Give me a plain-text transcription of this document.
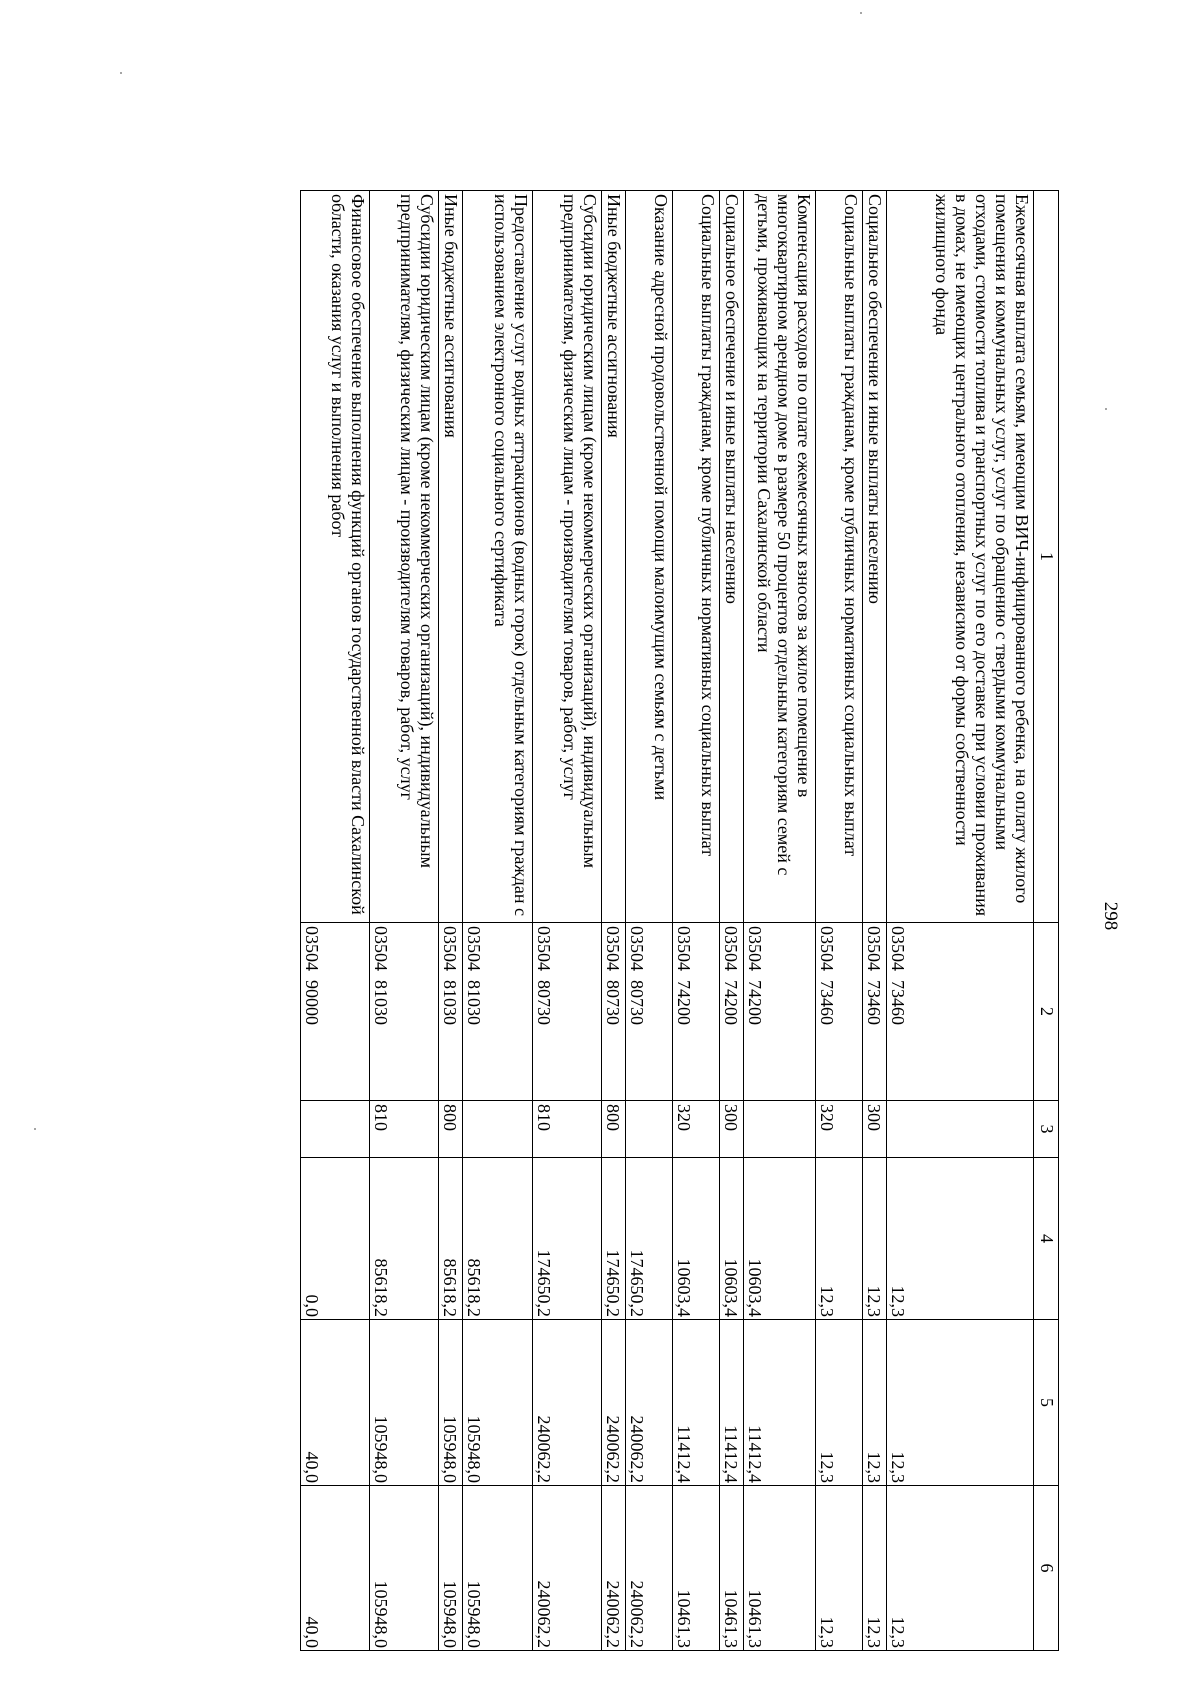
298
1	2	3	4	5	6
Ежемесячная выплата семьям, имеющим ВИЧ-инфицированного ребенка, на оплату жилого помещения и коммунальных услуг, услуг по обращению с твердыми коммунальными отходами, стоимости топлива и транспортных услуг по его доставке при условии проживания в домах, не имеющих центрального отопления, независимо от формы собственности жилищного фонда	03504  73460		12,3	12,3	12,3
Социальное обеспечение и иные выплаты населению	03504  73460	300	12,3	12,3	12,3
Социальные выплаты гражданам, кроме публичных нормативных социальных выплат	03504  73460	320	12,3	12,3	12,3
Компенсация расходов по оплате ежемесячных взносов за жилое помещение в многоквартирном арендном доме в размере 50 процентов отдельным категориям семей с детьми, проживающих на территории Сахалинской области	03504  74200		10603,4	11412,4	10461,3
Социальное обеспечение и иные выплаты населению	03504  74200	300	10603,4	11412,4	10461,3
Социальные выплаты гражданам, кроме публичных нормативных социальных выплат	03504  74200	320	10603,4	11412,4	10461,3
Оказание адресной продовольственной помощи малоимущим семьям с детьми	03504  80730		174650,2	240062,2	240062,2
Иные бюджетные ассигнования	03504  80730	800	174650,2	240062,2	240062,2
Субсидии юридическим лицам (кроме некоммерческих организаций), индивидуальным предпринимателям, физическим лицам - производителям товаров, работ, услуг	03504  80730	810	174650,2	240062,2	240062,2
Предоставление услуг водных аттракционов (водных горок) отдельным категориям граждан с использованием электронного социального сертификата	03504  81030		85618,2	105948,0	105948,0
Иные бюджетные ассигнования	03504  81030	800	85618,2	105948,0	105948,0
Субсидии юридическим лицам (кроме некоммерческих организаций), индивидуальным предпринимателям, физическим лицам - производителям товаров, работ, услуг	03504  81030	810	85618,2	105948,0	105948,0
Финансовое обеспечение выполнения функций органов государственной власти Сахалинской области, оказания услуг и выполнения работ	03504  90000		0,0	40,0	40,0
